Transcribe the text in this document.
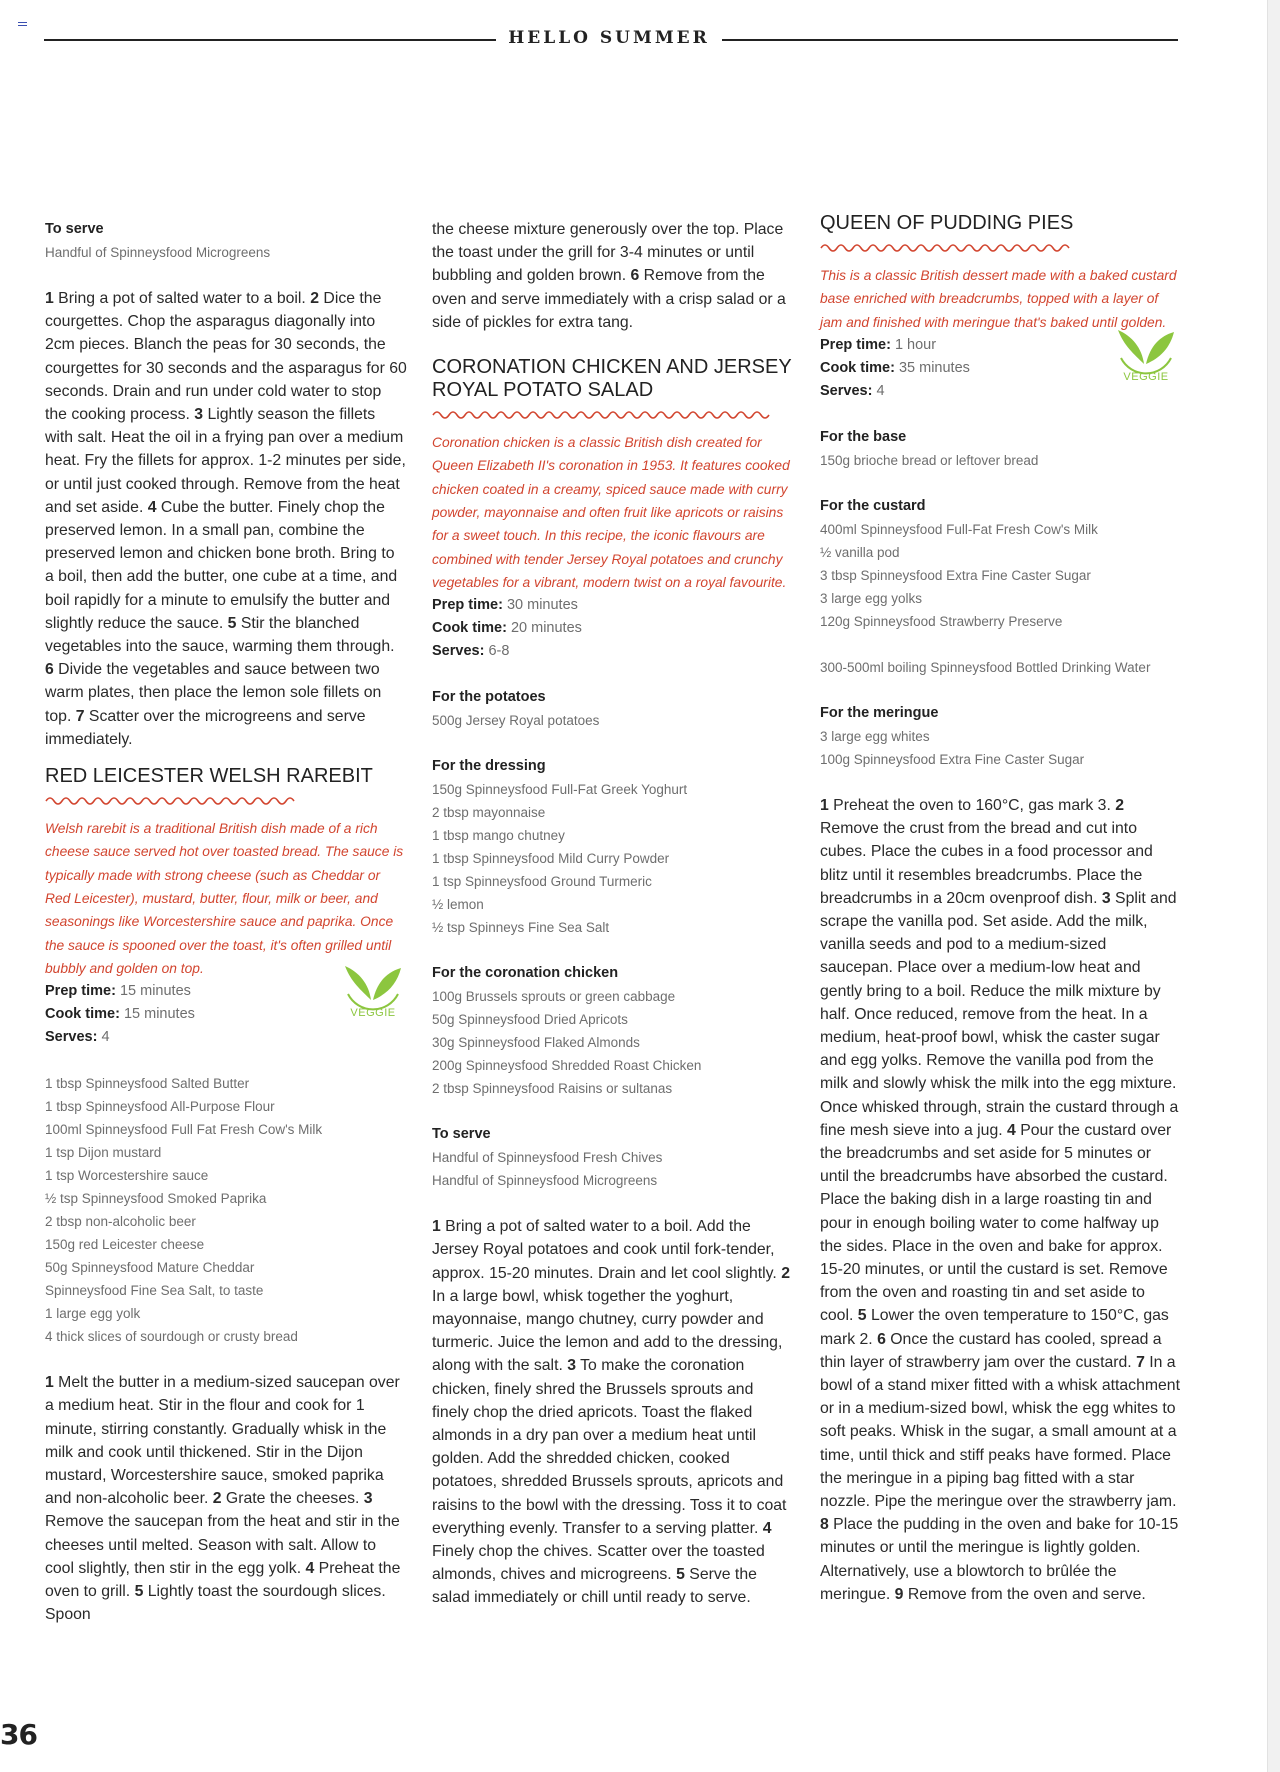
HELLO SUMMER
To serve
Handful of Spinneysfood Microgreens
1 Bring a pot of salted water to a boil. 2 Dice the courgettes. Chop the asparagus diagonally into 2cm pieces. Blanch the peas for 30 seconds, the courgettes for 30 seconds and the asparagus for 60 seconds. Drain and run under cold water to stop the cooking process. 3 Lightly season the fillets with salt. Heat the oil in a frying pan over a medium heat. Fry the fillets for approx. 1-2 minutes per side, or until just cooked through. Remove from the heat and set aside. 4 Cube the butter. Finely chop the preserved lemon. In a small pan, combine the preserved lemon and chicken bone broth. Bring to a boil, then add the butter, one cube at a time, and boil rapidly for a minute to emulsify the butter and slightly reduce the sauce. 5 Stir the blanched vegetables into the sauce, warming them through. 6 Divide the vegetables and sauce between two warm plates, then place the lemon sole fillets on top. 7 Scatter over the microgreens and serve immediately.
RED LEICESTER WELSH RAREBIT
Welsh rarebit is a traditional British dish made of a rich cheese sauce served hot over toasted bread. The sauce is typically made with strong cheese (such as Cheddar or Red Leicester), mustard, butter, flour, milk or beer, and seasonings like Worcestershire sauce and paprika. Once the sauce is spooned over the toast, it's often grilled until bubbly and golden on top.
Prep time: 15 minutes
Cook time: 15 minutes
Serves: 4
VEGGIE
1 tbsp Spinneysfood Salted Butter
1 tbsp Spinneysfood All-Purpose Flour
100ml Spinneysfood Full Fat Fresh Cow's Milk
1 tsp Dijon mustard
1 tsp Worcestershire sauce
½ tsp Spinneysfood Smoked Paprika
2 tbsp non-alcoholic beer
150g red Leicester cheese
50g Spinneysfood Mature Cheddar
Spinneysfood Fine Sea Salt, to taste
1 large egg yolk
4 thick slices of sourdough or crusty bread
1 Melt the butter in a medium-sized saucepan over a medium heat. Stir in the flour and cook for 1 minute, stirring constantly. Gradually whisk in the milk and cook until thickened. Stir in the Dijon mustard, Worcestershire sauce, smoked paprika and non-alcoholic beer. 2 Grate the cheeses. 3 Remove the saucepan from the heat and stir in the cheeses until melted. Season with salt. Allow to cool slightly, then stir in the egg yolk. 4 Preheat the oven to grill. 5 Lightly toast the sourdough slices. Spoon
the cheese mixture generously over the top. Place the toast under the grill for 3-4 minutes or until bubbling and golden brown. 6 Remove from the oven and serve immediately with a crisp salad or a side of pickles for extra tang.
CORONATION CHICKEN AND JERSEY ROYAL POTATO SALAD
Coronation chicken is a classic British dish created for Queen Elizabeth II's coronation in 1953. It features cooked chicken coated in a creamy, spiced sauce made with curry powder, mayonnaise and often fruit like apricots or raisins for a sweet touch. In this recipe, the iconic flavours are combined with tender Jersey Royal potatoes and crunchy vegetables for a vibrant, modern twist on a royal favourite.
Prep time: 30 minutes
Cook time: 20 minutes
Serves: 6-8
For the potatoes
500g Jersey Royal potatoes
For the dressing
150g Spinneysfood Full-Fat Greek Yoghurt
2 tbsp mayonnaise
1 tbsp mango chutney
1 tbsp Spinneysfood Mild Curry Powder
1 tsp Spinneysfood Ground Turmeric
½ lemon
½ tsp Spinneys Fine Sea Salt
For the coronation chicken
100g Brussels sprouts or green cabbage
50g Spinneysfood Dried Apricots
30g Spinneysfood Flaked Almonds
200g Spinneysfood Shredded Roast Chicken
2 tbsp Spinneysfood Raisins or sultanas
To serve
Handful of Spinneysfood Fresh Chives
Handful of Spinneysfood Microgreens
1 Bring a pot of salted water to a boil. Add the Jersey Royal potatoes and cook until fork-tender, approx. 15-20 minutes. Drain and let cool slightly. 2 In a large bowl, whisk together the yoghurt, mayonnaise, mango chutney, curry powder and turmeric. Juice the lemon and add to the dressing, along with the salt. 3 To make the coronation chicken, finely shred the Brussels sprouts and finely chop the dried apricots. Toast the flaked almonds in a dry pan over a medium heat until golden. Add the shredded chicken, cooked potatoes, shredded Brussels sprouts, apricots and raisins to the bowl with the dressing. Toss it to coat everything evenly. Transfer to a serving platter. 4 Finely chop the chives. Scatter over the toasted almonds, chives and microgreens. 5 Serve the salad immediately or chill until ready to serve.
QUEEN OF PUDDING PIES
This is a classic British dessert made with a baked custard base enriched with breadcrumbs, topped with a layer of jam and finished with meringue that's baked until golden.
Prep time: 1 hour
Cook time: 35 minutes
Serves: 4
VEGGIE
For the base
150g brioche bread or leftover bread
For the custard
400ml Spinneysfood Full-Fat Fresh Cow's Milk
½ vanilla pod
3 tbsp Spinneysfood Extra Fine Caster Sugar
3 large egg yolks
120g Spinneysfood Strawberry Preserve
300-500ml boiling Spinneysfood Bottled Drinking Water
For the meringue
3 large egg whites
100g Spinneysfood Extra Fine Caster Sugar
1 Preheat the oven to 160°C, gas mark 3. 2 Remove the crust from the bread and cut into cubes. Place the cubes in a food processor and blitz until it resembles breadcrumbs. Place the breadcrumbs in a 20cm ovenproof dish. 3 Split and scrape the vanilla pod. Set aside. Add the milk, vanilla seeds and pod to a medium-sized saucepan. Place over a medium-low heat and gently bring to a boil. Reduce the milk mixture by half. Once reduced, remove from the heat. In a medium, heat-proof bowl, whisk the caster sugar and egg yolks. Remove the vanilla pod from the milk and slowly whisk the milk into the egg mixture. Once whisked through, strain the custard through a fine mesh sieve into a jug. 4 Pour the custard over the breadcrumbs and set aside for 5 minutes or until the breadcrumbs have absorbed the custard. Place the baking dish in a large roasting tin and pour in enough boiling water to come halfway up the sides. Place in the oven and bake for approx. 15-20 minutes, or until the custard is set. Remove from the oven and roasting tin and set aside to cool. 5 Lower the oven temperature to 150°C, gas mark 2. 6 Once the custard has cooled, spread a thin layer of strawberry jam over the custard. 7 In a bowl of a stand mixer fitted with a whisk attachment or in a medium-sized bowl, whisk the egg whites to soft peaks. Whisk in the sugar, a small amount at a time, until thick and stiff peaks have formed. Place the meringue in a piping bag fitted with a star nozzle. Pipe the meringue over the strawberry jam. 8 Place the pudding in the oven and bake for 10-15 minutes or until the meringue is lightly golden. Alternatively, use a blowtorch to brûlée the meringue. 9 Remove from the oven and serve.
36
